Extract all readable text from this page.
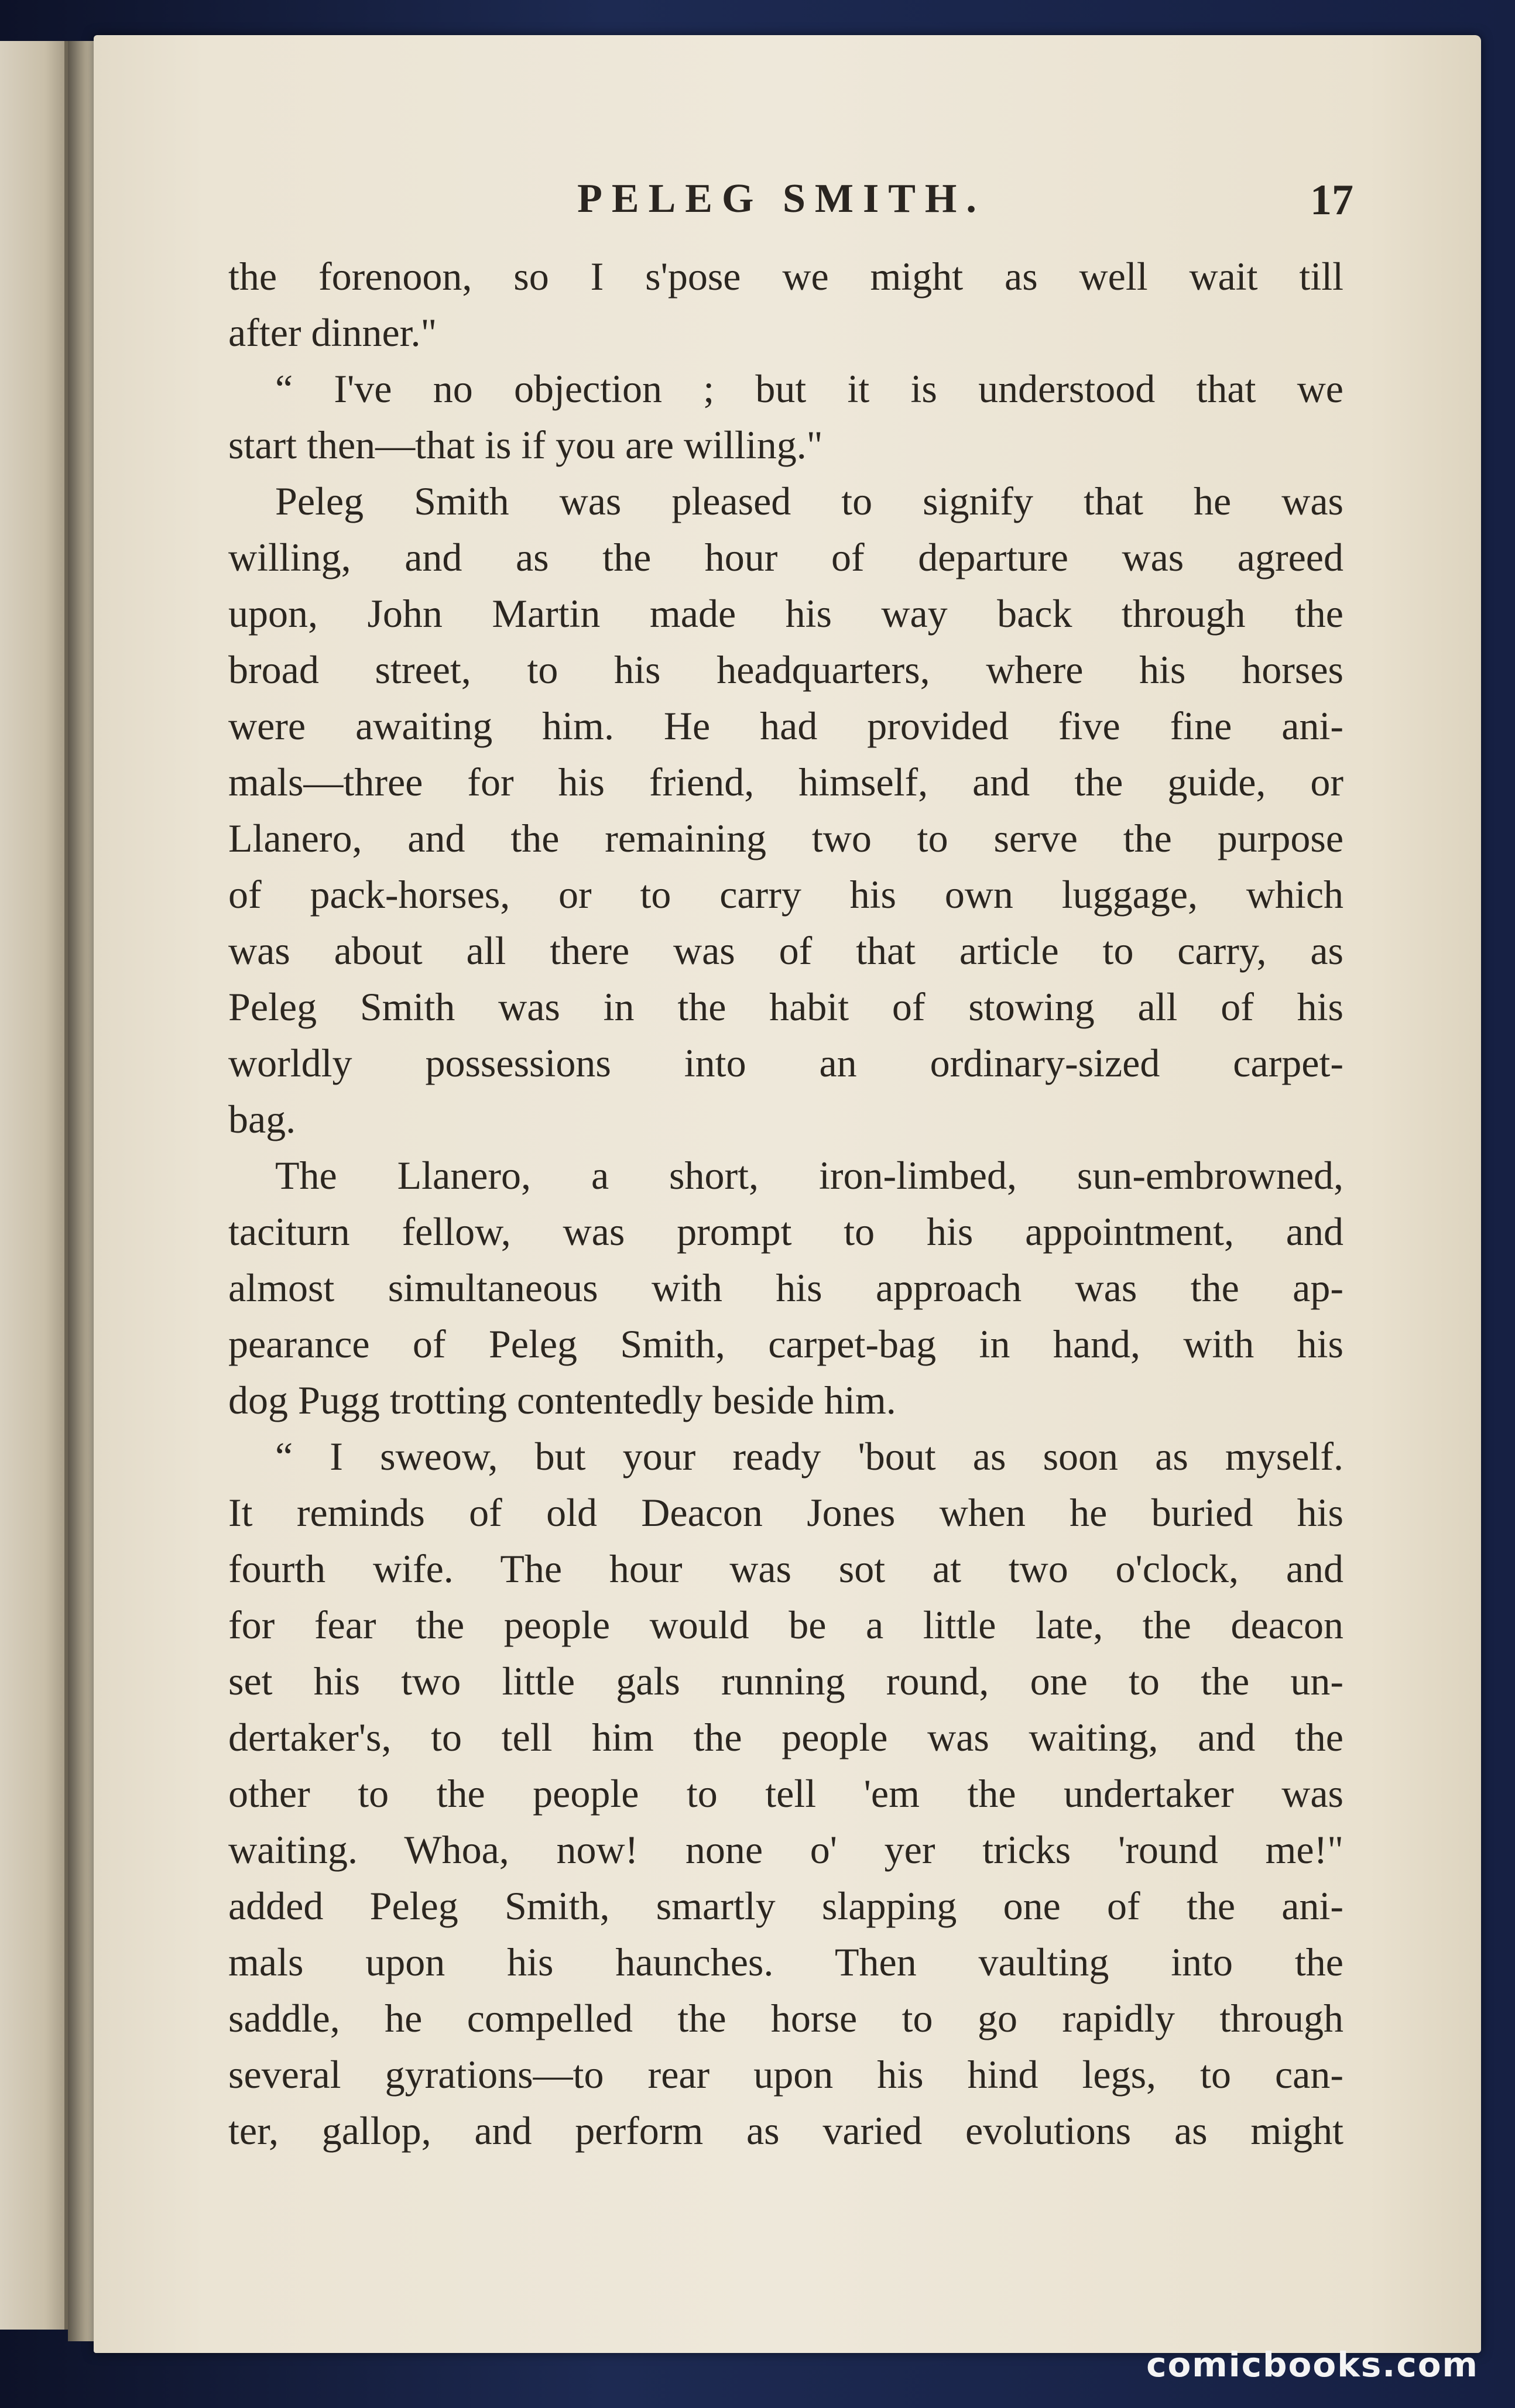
PELEG SMITH.	17
the forenoon, so I s'pose we might as well wait till
after dinner."
“ I've no objection ; but it is understood that we
start then—that is if you are willing."
Peleg Smith was pleased to signify that he was
willing, and as the hour of departure was agreed
upon, John Martin made his way back through the
broad street, to his headquarters, where his horses
were awaiting him. He had provided five fine ani-
mals—three for his friend, himself, and the guide, or
Llanero, and the remaining two to serve the purpose
of pack-horses, or to carry his own luggage, which
was about all there was of that article to carry, as
Peleg Smith was in the habit of stowing all of his
worldly possessions into an ordinary-sized carpet-
bag.
The Llanero, a short, iron-limbed, sun-embrowned,
taciturn fellow, was prompt to his appointment, and
almost simultaneous with his approach was the ap-
pearance of Peleg Smith, carpet-bag in hand, with his
dog Pugg trotting contentedly beside him.
“ I sweow, but your ready 'bout as soon as myself.
It reminds of old Deacon Jones when he buried his
fourth wife. The hour was sot at two o'clock, and
for fear the people would be a little late, the deacon
set his two little gals running round, one to the un-
dertaker's, to tell him the people was waiting, and the
other to the people to tell 'em the undertaker was
waiting. Whoa, now! none o' yer tricks 'round me!"
added Peleg Smith, smartly slapping one of the ani-
mals upon his haunches. Then vaulting into the
saddle, he compelled the horse to go rapidly through
several gyrations—to rear upon his hind legs, to can-
ter, gallop, and perform as varied evolutions as might
comicbooks.com
